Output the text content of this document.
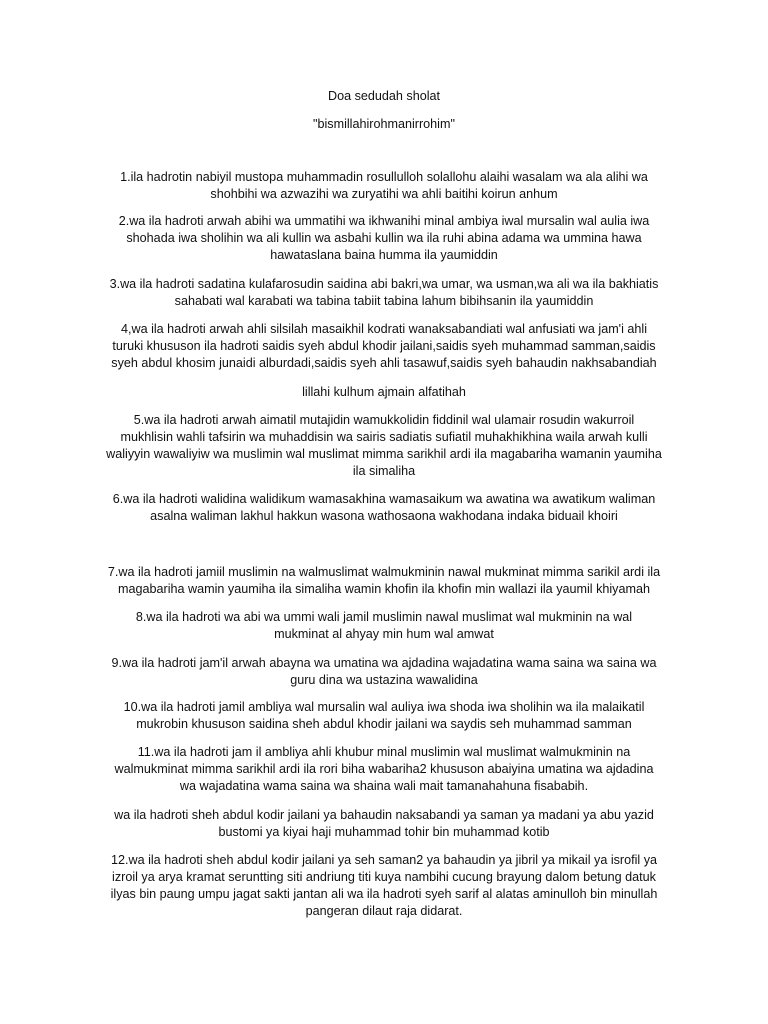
Doa sedudah sholat
"bismillahirohmanirrohim"
1.ila hadrotin nabiyil mustopa muhammadin rosullulloh solallohu alaihi wasalam wa ala alihi wa
shohbihi wa azwazihi wa zuryatihi wa ahli baitihi koirun anhum
2.wa ila hadroti arwah abihi wa ummatihi wa ikhwanihi minal ambiya iwal mursalin wal aulia iwa
shohada iwa sholihin wa ali kullin wa asbahi kullin wa ila ruhi abina adama wa ummina hawa
hawataslana baina humma ila yaumiddin
3.wa ila hadroti sadatina kulafarosudin saidina abi bakri,wa umar, wa usman,wa ali wa ila bakhiatis
sahabati wal karabati wa tabina tabiit tabina lahum bibihsanin ila yaumiddin
4,wa ila hadroti arwah ahli silsilah masaikhil kodrati wanaksabandiati wal anfusiati wa jam'i ahli
turuki khususon ila hadroti saidis syeh abdul khodir jailani,saidis syeh muhammad samman,saidis
syeh abdul khosim junaidi alburdadi,saidis syeh ahli tasawuf,saidis syeh bahaudin nakhsabandiah
lillahi kulhum ajmain alfatihah
5.wa ila hadroti arwah aimatil mutajidin wamukkolidin fiddinil wal ulamair rosudin wakurroil
mukhlisin wahli tafsirin wa muhaddisin wa sairis sadiatis sufiatil muhakhikhina waila arwah kulli
waliyyin wawaliyiw wa muslimin wal muslimat mimma sarikhil ardi ila magabariha wamanin yaumiha
ila simaliha
6.wa ila hadroti walidina walidikum wamasakhina wamasaikum wa awatina wa awatikum waliman
asalna waliman lakhul hakkun wasona wathosaona wakhodana indaka biduail khoiri
7.wa ila hadroti jamiil muslimin na walmuslimat walmukminin nawal mukminat mimma sarikil ardi ila
magabariha wamin yaumiha ila simaliha wamin khofin ila khofin min wallazi ila yaumil khiyamah
8.wa ila hadroti wa abi wa ummi wali jamil muslimin nawal muslimat wal mukminin na wal
mukminat al ahyay min hum wal amwat
9.wa ila hadroti jam'il arwah abayna wa umatina wa ajdadina wajadatina wama saina wa saina wa
guru dina wa ustazina wawalidina
10.wa ila hadroti jamil ambliya wal mursalin wal auliya iwa shoda iwa sholihin wa ila malaikatil
mukrobin khususon saidina sheh abdul khodir jailani wa saydis seh muhammad samman
11.wa ila hadroti jam il ambliya ahli khubur minal muslimin wal muslimat walmukminin na
walmukminat mimma sarikhil ardi ila rori biha wabariha2 khususon abaiyina umatina wa ajdadina
wa wajadatina wama saina wa shaina wali mait tamanahahuna fisababih.
wa ila hadroti sheh abdul kodir jailani ya bahaudin naksabandi ya saman ya madani ya abu yazid
bustomi ya kiyai haji muhammad tohir bin muhammad kotib
12.wa ila hadroti sheh abdul kodir jailani ya seh saman2 ya bahaudin ya jibril ya mikail ya isrofil ya
izroil ya arya kramat seruntting siti andriung titi kuya nambihi cucung brayung dalom betung datuk
ilyas bin paung umpu jagat sakti jantan ali wa ila hadroti syeh sarif al alatas aminulloh bin minullah
pangeran dilaut raja didarat.
